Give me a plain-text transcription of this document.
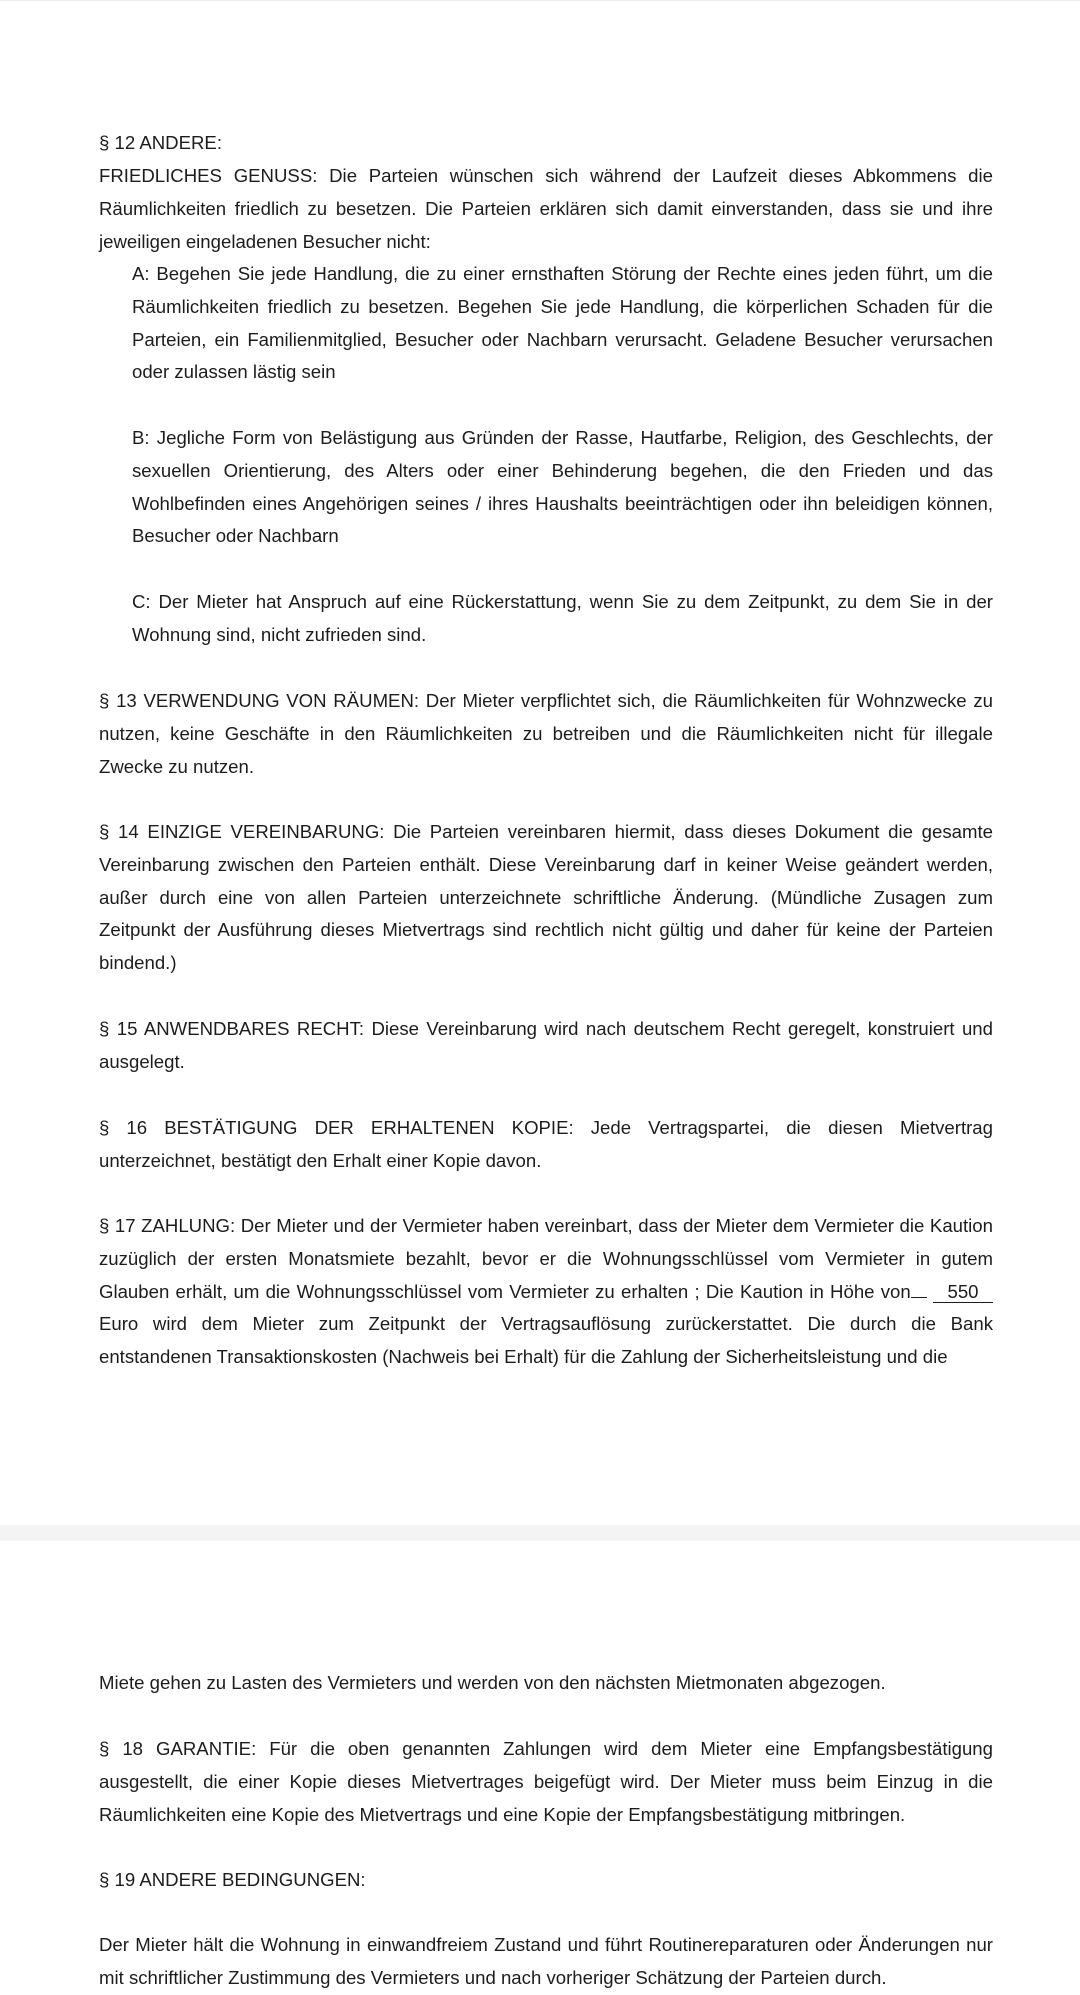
§ 12 ANDERE:

FRIEDLICHES GENUSS: Die Parteien wünschen sich während der Laufzeit dieses Abkommens die Räumlichkeiten friedlich zu besetzen. Die Parteien erklären sich damit einverstanden, dass sie und ihre jeweiligen eingeladenen Besucher nicht:

A: Begehen Sie jede Handlung, die zu einer ernsthaften Störung der Rechte eines jeden führt, um die Räumlichkeiten friedlich zu besetzen. Begehen Sie jede Handlung, die körperlichen Schaden für die Parteien, ein Familienmitglied, Besucher oder Nachbarn verursacht. Geladene Besucher verursachen oder zulassen lästig sein

B: Jegliche Form von Belästigung aus Gründen der Rasse, Hautfarbe, Religion, des Geschlechts, der sexuellen Orientierung, des Alters oder einer Behinderung begehen, die den Frieden und das Wohlbefinden eines Angehörigen seines / ihres Haushalts beeinträchtigen oder ihn beleidigen können, Besucher oder Nachbarn

C: Der Mieter hat Anspruch auf eine Rückerstattung, wenn Sie zu dem Zeitpunkt, zu dem Sie in der Wohnung sind, nicht zufrieden sind.

§ 13 VERWENDUNG VON RÄUMEN: Der Mieter verpflichtet sich, die Räumlichkeiten für Wohnzwecke zu nutzen, keine Geschäfte in den Räumlichkeiten zu betreiben und die Räumlichkeiten nicht für illegale Zwecke zu nutzen.

§ 14 EINZIGE VEREINBARUNG: Die Parteien vereinbaren hiermit, dass dieses Dokument die gesamte Vereinbarung zwischen den Parteien enthält. Diese Vereinbarung darf in keiner Weise geändert werden, außer durch eine von allen Parteien unterzeichnete schriftliche Änderung. (Mündliche Zusagen zum Zeitpunkt der Ausführung dieses Mietvertrags sind rechtlich nicht gültig und daher für keine der Parteien bindend.)

§ 15 ANWENDBARES RECHT: Diese Vereinbarung wird nach deutschem Recht geregelt, konstruiert und ausgelegt.

§ 16 BESTÄTIGUNG DER ERHALTENEN KOPIE: Jede Vertragspartei, die diesen Mietvertrag unterzeichnet, bestätigt den Erhalt einer Kopie davon.

§ 17 ZAHLUNG: Der Mieter und der Vermieter haben vereinbart, dass der Mieter dem Vermieter die Kaution zuzüglich der ersten Monatsmiete bezahlt, bevor er die Wohnungsschlüssel vom Vermieter in gutem Glauben erhält, um die Wohnungsschlüssel vom Vermieter zu erhalten ; Die Kaution in Höhe von 550 Euro wird dem Mieter zum Zeitpunkt der Vertragsauflösung zurückerstattet. Die durch die Bank entstandenen Transaktionskosten (Nachweis bei Erhalt) für die Zahlung der Sicherheitsleistung und die

Miete gehen zu Lasten des Vermieters und werden von den nächsten Mietmonaten abgezogen.

§ 18 GARANTIE: Für die oben genannten Zahlungen wird dem Mieter eine Empfangsbestätigung ausgestellt, die einer Kopie dieses Mietvertrages beigefügt wird. Der Mieter muss beim Einzug in die Räumlichkeiten eine Kopie des Mietvertrags und eine Kopie der Empfangsbestätigung mitbringen.

§ 19 ANDERE BEDINGUNGEN:

Der Mieter hält die Wohnung in einwandfreiem Zustand und führt Routinereparaturen oder Änderungen nur mit schriftlicher Zustimmung des Vermieters und nach vorheriger Schätzung der Parteien durch.
